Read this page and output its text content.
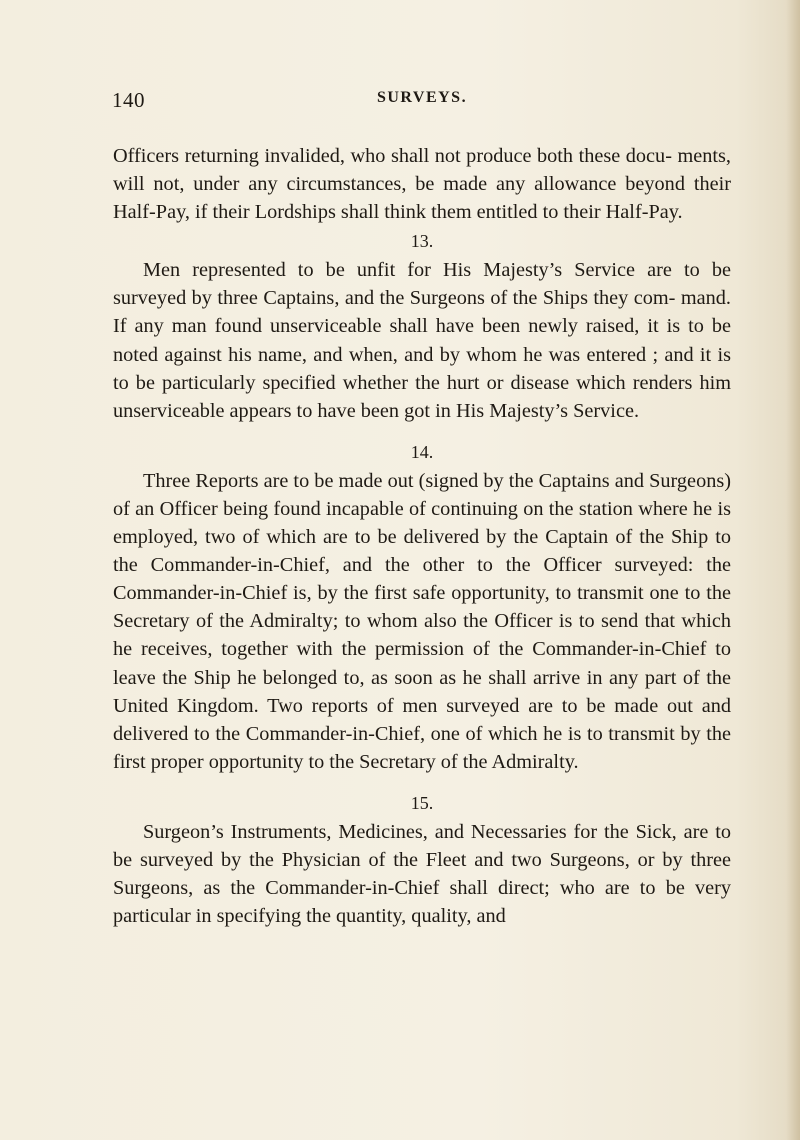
140	SURVEYS.

Officers returning invalided, who shall not produce both these docu- ments, will not, under any circumstances, be made any allowance beyond their Half-Pay, if their Lordships shall think them entitled to their Half-Pay.

13.

Men represented to be unfit for His Majesty’s Service are to be surveyed by three Captains, and the Surgeons of the Ships they com- mand. If any man found unserviceable shall have been newly raised, it is to be noted against his name, and when, and by whom he was entered ; and it is to be particularly specified whether the hurt or disease which renders him unserviceable appears to have been got in His Majesty’s Service.

14.

Three Reports are to be made out (signed by the Captains and Surgeons) of an Officer being found incapable of continuing on the station where he is employed, two of which are to be delivered by the Captain of the Ship to the Commander-in-Chief, and the other to the Officer surveyed: the Commander-in-Chief is, by the first safe opportunity, to transmit one to the Secretary of the Admiralty; to whom also the Officer is to send that which he receives, together with the permission of the Commander-in-Chief to leave the Ship he belonged to, as soon as he shall arrive in any part of the United Kingdom. Two reports of men surveyed are to be made out and delivered to the Commander-in-Chief, one of which he is to transmit by the first proper opportunity to the Secretary of the Admiralty.

15.

Surgeon’s Instruments, Medicines, and Necessaries for the Sick, are to be surveyed by the Physician of the Fleet and two Surgeons, or by three Surgeons, as the Commander-in-Chief shall direct; who are to be very particular in specifying the quantity, quality, and
